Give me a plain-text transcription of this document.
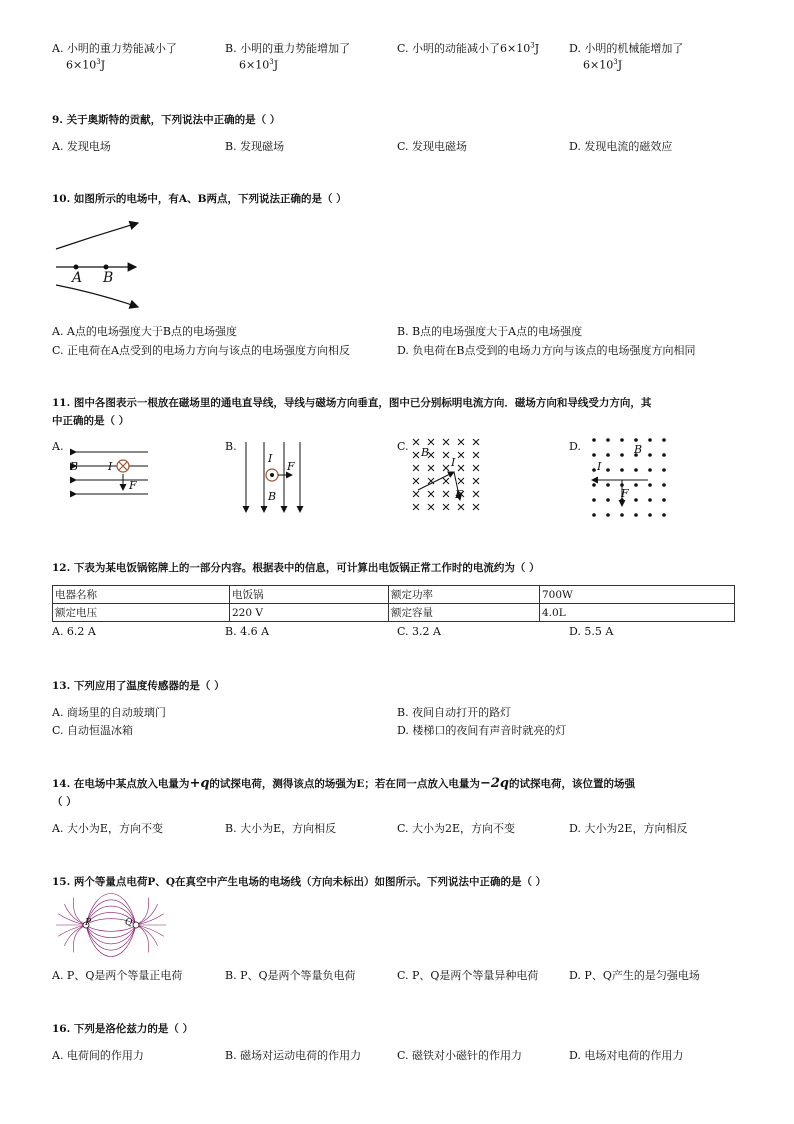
A. 小明的重力势能减小了
$6\times 10^3J$
B. 小明的重力势能增加了
$6\times 10^3J$
C. 小明的动能减小了$6\times 10^3J$	D. 小明的机械能增加了
$6\times 10^3J$
9. 关于奥斯特的贡献，下列说法中正确的是（ ）
A. 发现电场	B. 发现磁场	C. 发现电磁场	D. 发现电流的磁效应
10. 如图所示的电场中，有A、B两点，下列说法正确的是（ ）
A B
A. A点的电场强度大于B点的电场强度	B. B点的电场强度大于A点的电场强度
C. 正电荷在A点受到的电场力方向与该点的电场强度方向相反	D. 负电荷在B点受到的电场力方向与该点的电场强度方向相同
11. 图中各图表示一根放在磁场里的通电直导线，导线与磁场方向垂直，图中已分别标明电流方向．磁场方向和导线受力方向，其
中正确的是（ ）
A.
B	I
F
B.
I
F
B
C. B
I
F
D.	B
I
F
12. 下表为某电饭锅铭牌上的一部分内容。根据表中的信息，可计算出电饭锅正常工作时的电流约为（ ）
电器名称	电饭锅	额定功率	700W
额定电压	220 V	额定容量	4.0L
A. 6.2 A	B. 4.6 A	C. 3.2 A	D. 5.5 A
13. 下列应用了温度传感器的是（ ）
A. 商场里的自动玻璃门	B. 夜间自动打开的路灯
C. 自动恒温冰箱	D. 楼梯口的夜间有声音时就亮的灯
14. 在电场中某点放入电量为+q的试探电荷，测得该点的场强为E；若在同一点放入电量为−2q的试探电荷，该位置的场强
（ ）
A. 大小为E，方向不变	B. 大小为E，方向相反	C. 大小为2E，方向不变	D. 大小为2E，方向相反
15. 两个等量点电荷P、Q在真空中产生电场的电场线（方向未标出）如图所示。下列说法中正确的是（ ）
P	Q
A. P、Q是两个等量正电荷	B. P、Q是两个等量负电荷	C. P、Q是两个等量异种电荷	D. P、Q产生的是匀强电场
16. 下列是洛伦兹力的是（ ）
A. 电荷间的作用力	B. 磁场对运动电荷的作用力	C. 磁铁对小磁针的作用力	D. 电场对电荷的作用力
